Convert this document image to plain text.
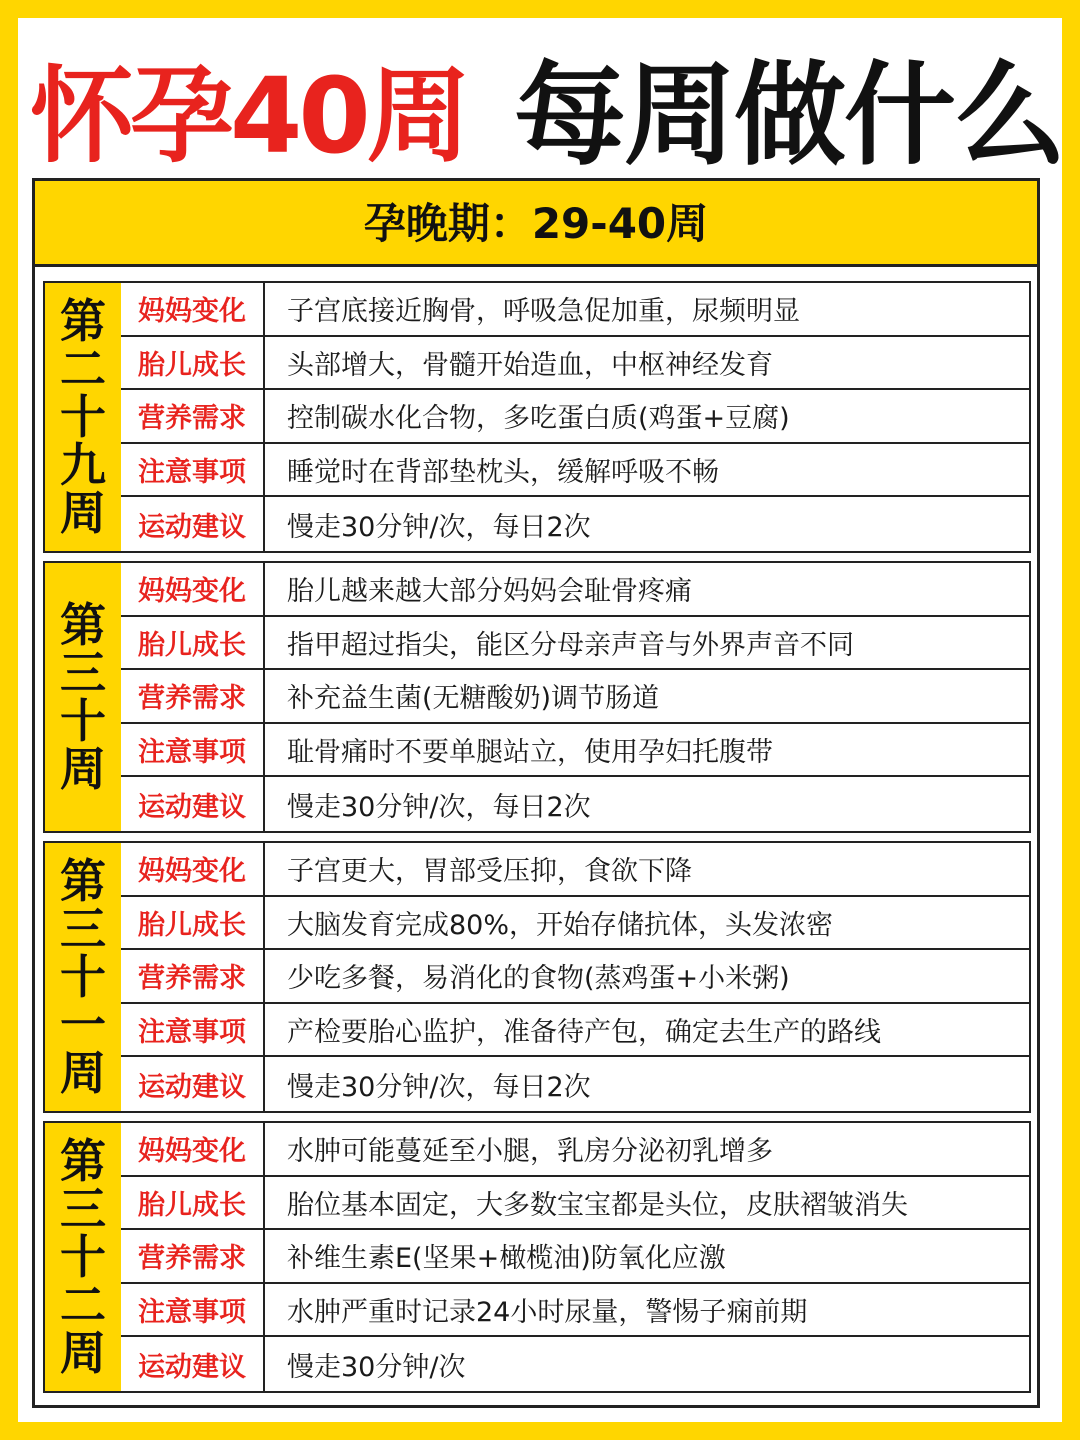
怀孕40周 每周做什么
孕晚期：29-40周
第
二
十
九
周
妈妈变化	子宫底接近胸骨，呼吸急促加重，尿频明显
胎儿成长	头部增大，骨髓开始造血，中枢神经发育
营养需求	控制碳水化合物，多吃蛋白质(鸡蛋+豆腐)
注意事项	睡觉时在背部垫枕头，缓解呼吸不畅
运动建议	慢走30分钟/次，每日2次
第
三
十
周
妈妈变化	胎儿越来越大部分妈妈会耻骨疼痛
胎儿成长	指甲超过指尖，能区分母亲声音与外界声音不同
营养需求	补充益生菌(无糖酸奶)调节肠道
注意事项	耻骨痛时不要单腿站立，使用孕妇托腹带
运动建议	慢走30分钟/次，每日2次
第
三
十
一
周
妈妈变化	子宫更大，胃部受压抑，食欲下降
胎儿成长	大脑发育完成80%，开始存储抗体，头发浓密
营养需求	少吃多餐，易消化的食物(蒸鸡蛋+小米粥)
注意事项	产检要胎心监护，准备待产包，确定去生产的路线
运动建议	慢走30分钟/次，每日2次
第
三
十
二
周
妈妈变化	水肿可能蔓延至小腿，乳房分泌初乳增多
胎儿成长	胎位基本固定，大多数宝宝都是头位，皮肤褶皱消失
营养需求	补维生素E(坚果+橄榄油)防氧化应激
注意事项	水肿严重时记录24小时尿量，警惕子痫前期
运动建议	慢走30分钟/次
